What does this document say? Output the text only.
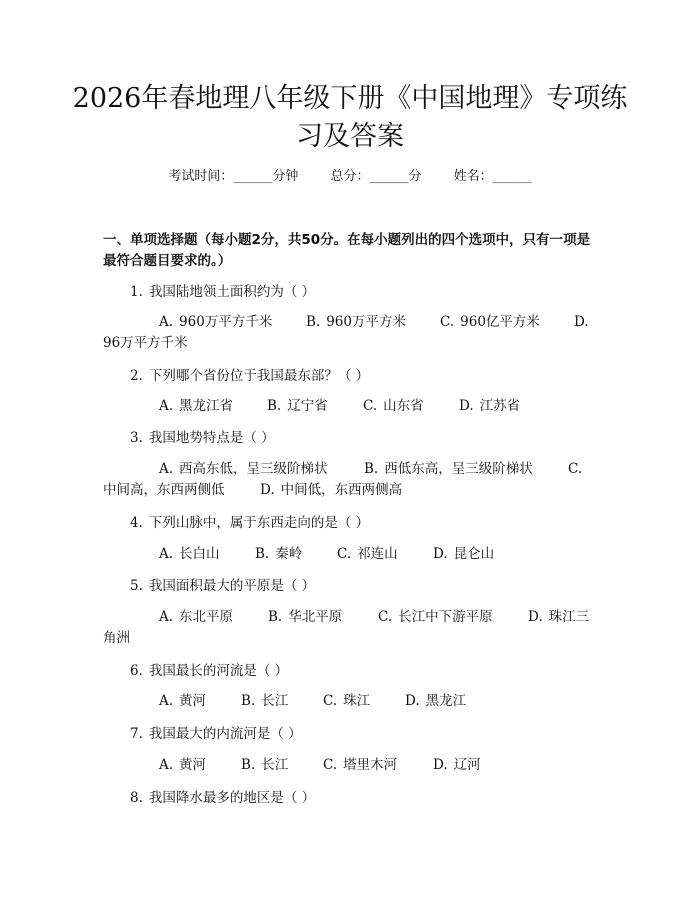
2026年春地理八年级下册《中国地理》专项练习及答案
考试时间：______分钟 总分：______分 姓名：______
一、单项选择题（每小题2分，共50分。在每小题列出的四个选项中，只有一项是最符合题目要求的。）
1. 我国陆地领土面积约为（ ）
A. 960万平方千米 B. 960万平方米	C. 960亿平方米	D.
96万平方千米
2. 下列哪个省份位于我国最东部？（ ）
A. 黑龙江省	B. 辽宁省	C. 山东省	D. 江苏省
3. 我国地势特点是（ ）
A. 西高东低，呈三级阶梯状	B. 西低东高，呈三级阶梯状	C.
中间高，东西两侧低	D. 中间低，东西两侧高
4. 下列山脉中，属于东西走向的是（ ）
A. 长白山	B. 秦岭	C. 祁连山	D. 昆仑山
5. 我国面积最大的平原是（ ）
A. 东北平原	B. 华北平原	C. 长江中下游平原	D. 珠江三
角洲
6. 我国最长的河流是（ ）
A. 黄河	B. 长江	C. 珠江	D. 黑龙江
7. 我国最大的内流河是（ ）
A. 黄河	B. 长江	C. 塔里木河	D. 辽河
8. 我国降水最多的地区是（ ）
